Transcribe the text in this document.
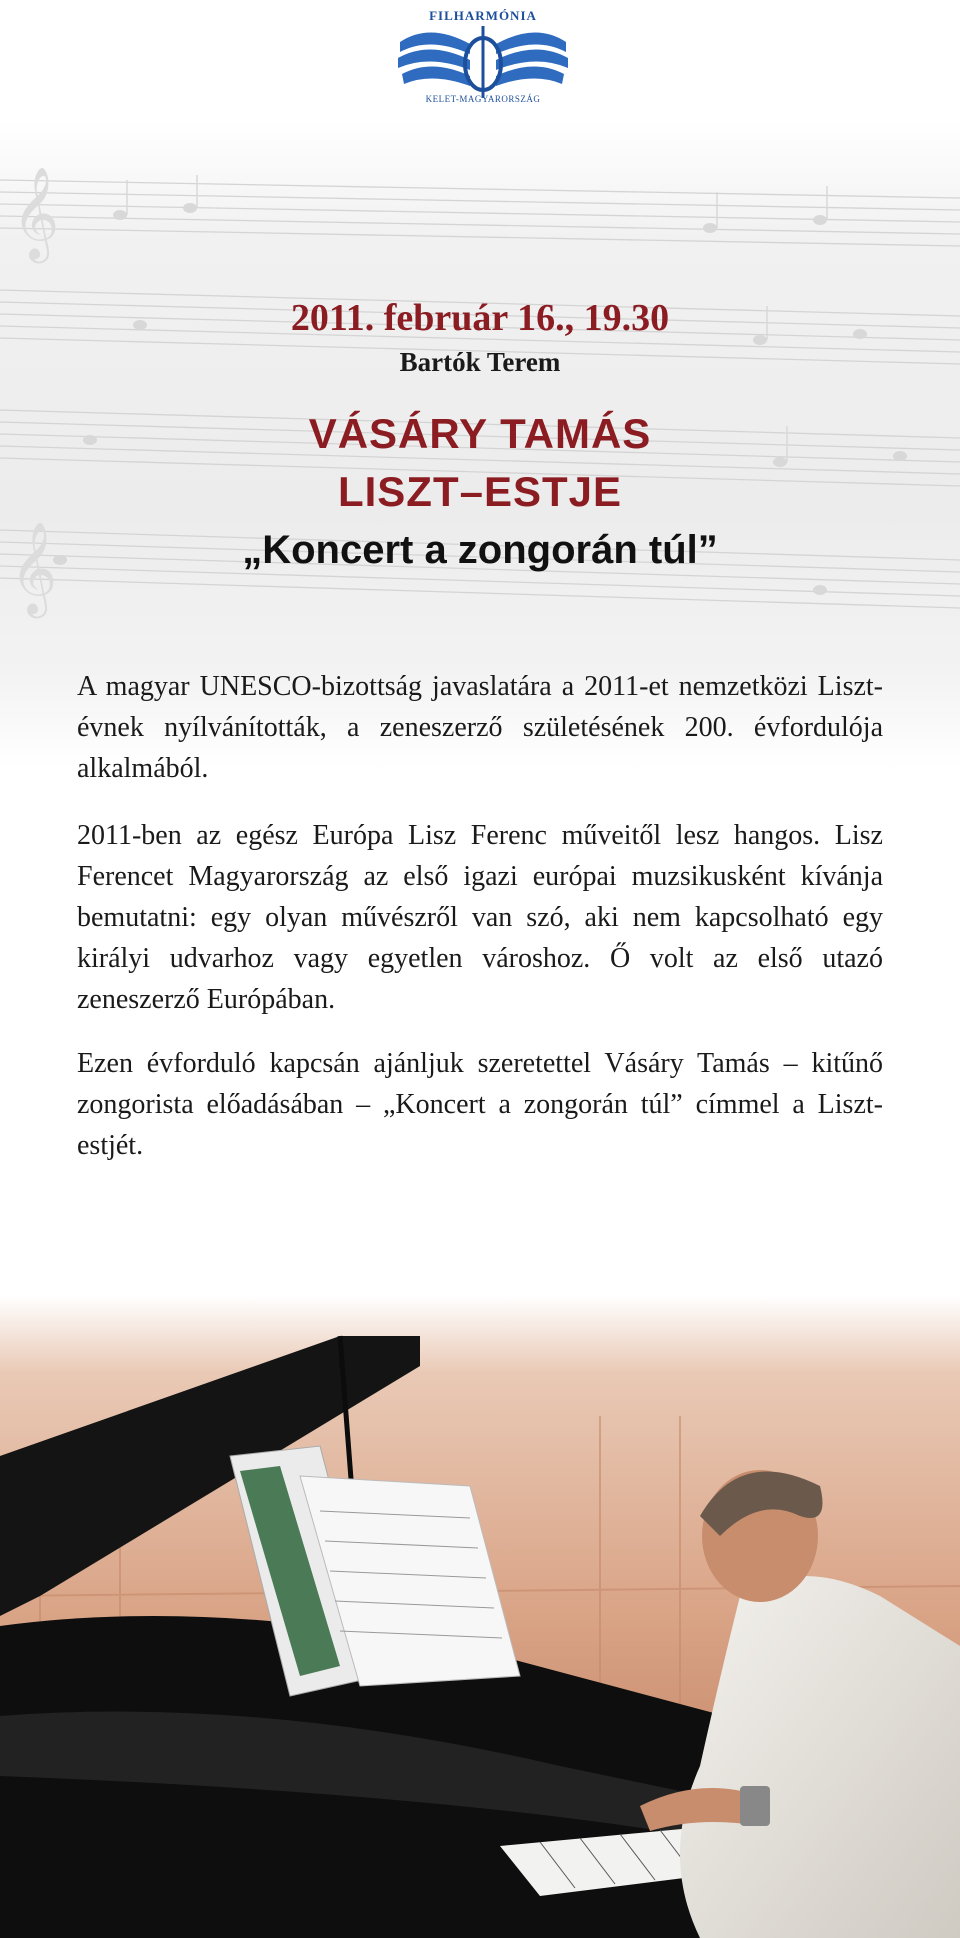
𝄞
𝄞
FILHARMÓNIA
KELET-MAGYARORSZÁG
2011. február 16., 19.30
Bartók Terem
VÁSÁRY TAMÁS
LISZT–ESTJE
„Koncert a zongorán túl”

A magyar UNESCO-bizottság javaslatára a 2011-et nemzetközi Liszt-évnek nyílvánították, a zeneszerző születésének 200. évfordulója alkalmából.

2011-ben az egész Európa Lisz Ferenc műveitől lesz hangos. Lisz Ferencet Magyarország az első igazi európai muzsikusként kívánja bemutatni: egy olyan művészről van szó, aki nem kapcsolható egy királyi udvarhoz vagy egyetlen városhoz. Ő volt az első utazó zeneszerző Európában.

Ezen évforduló kapcsán ajánljuk szeretettel Vásáry Tamás – kitűnő zongorista előadásában – „Koncert a zongorán túl” címmel a Liszt-estjét.
